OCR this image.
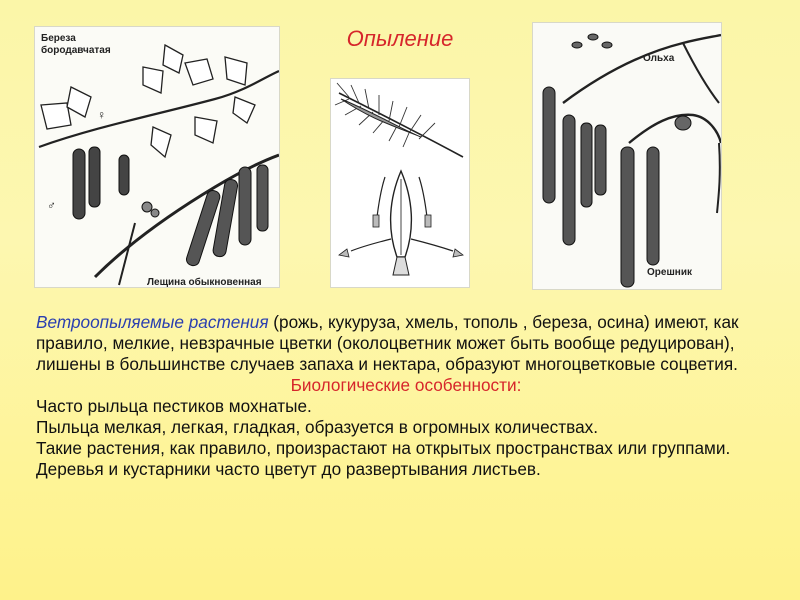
Опыление
Береза бородавчатая
♀
♂
Лещина обыкновенная
Ольха
Орешник

Ветроопыляемые растения (рожь, кукуруза, хмель, тополь , береза, осина) имеют, как правило, мелкие, невзрачные цветки (околоцветник может быть вообще редуцирован), лишены в большинстве случаев запаха и нектара, образуют многоцветковые соцветия.

Биологические особенности:

Часто рыльца пестиков мохнатые.

Пыльца мелкая, легкая, гладкая, образуется в огромных количествах.

Такие растения, как правило, произрастают на открытых пространствах или группами.

Деревья и кустарники часто цветут до развертывания листьев.
